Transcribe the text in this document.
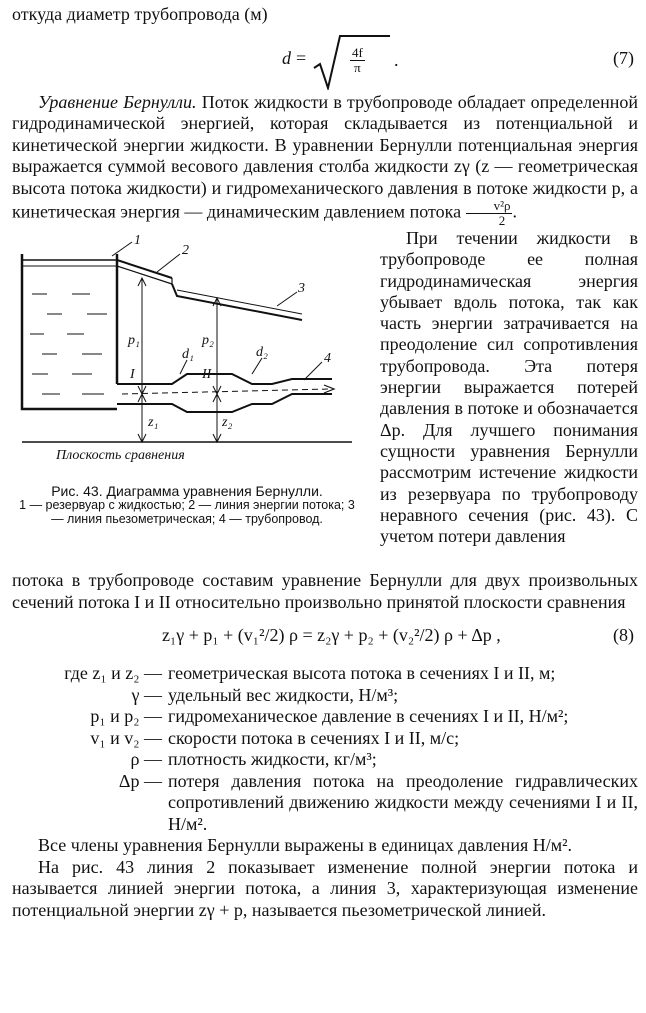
откуда диаметр трубопровода (м)

d =	$\frac{4f}{\pi}$ .	(7)

Уравнение Бернулли. Поток жидкости в трубопроводе обладает определенной гидродинамической энергией, которая складывается из потенциальной и кинетической энергии жидкости. В уравнении Бернулли потенциальная энергия выражается суммой весового давления столба жидкости zγ (z — геометрическая высота потока жидкости) и гидромеханического давления в потоке жидкости p, а кинетическая энергия — динамическим давлением потока $\frac{\text{v²ρ}}{2}$ .

1
2
3
4
p₁	p₂
d₁	d₂
I	II
z₁	z₂
Плоскость сравнения
Рис. 43. Диаграмма уравнения Бернулли.
1 — резервуар с жидкостью; 2 — линия энергии потока; 3 — линия пьезометрическая; 4 — трубопровод.

При течении жидкости в трубопроводе ее полная гидродинамическая энергия убывает вдоль потока, так как часть энергии затрачивается на преодоление сил сопротивления трубопровода. Эта потеря энергии выражается потерей давления в потоке и обозначается Δp. Для лучшего понимания сущности уравнения Бернулли рассмотрим истечение жидкости из резервуара по трубопроводу неравного сечения (рис. 43). С учетом потери давления

потока в трубопроводе составим уравнение Бернулли для двух произвольных сечений потока I и II относительно произвольно принятой плоскости сравнения

z₁γ + p₁ + (v₁²/2) ρ = z₂γ + p₂ + (v₂²/2) ρ + Δp ,	(8)
где z₁ и z₂ — геометрическая высота потока в сечениях I и II, м;
γ — удельный вес жидкости, Н/м³;
p₁ и p₂ — гидромеханическое давление в сечениях I и II, Н/м²;
v₁ и v₂ — скорости потока в сечениях I и II, м/с;
ρ — плотность жидкости, кг/м³;
Δp — потеря давления потока на преодоление гидравлических сопротивлений движению жидкости между сечениями I и II, Н/м².

Все члены уравнения Бернулли выражены в единицах давления Н/м².

На рис. 43 линия 2 показывает изменение полной энергии потока и называется линией энергии потока, а линия 3, характеризующая изменение потенциальной энергии zγ + p, называется пьезометрической линией.
